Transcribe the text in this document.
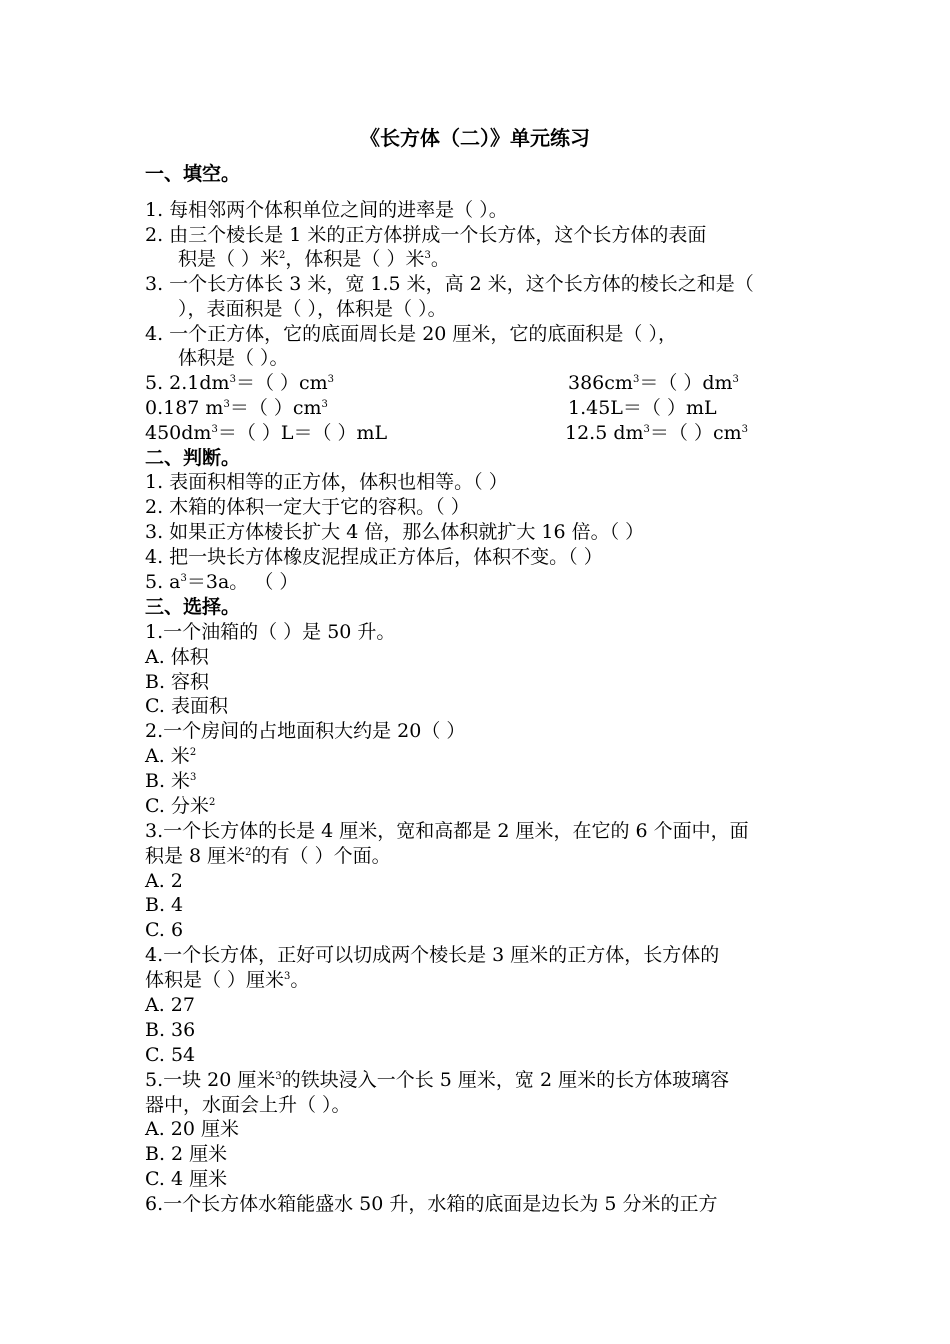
《长方体（二）》单元练习
一、填空。
1. 每相邻两个体积单位之间的进率是（ ）。
2. 由三个棱长是 1 米的正方体拼成一个长方体，这个长方体的表面
积是（ ）米$^2$，体积是（ ）米$^3$。
3. 一个长方体长 3 米，宽 1.5 米，高 2 米，这个长方体的棱长之和是（
），表面积是（ ），体积是（ ）。
4. 一个正方体，它的底面周长是 20 厘米，它的底面积是（ ），
体积是（ ）。
5. $2.1dm^3=$（ ）$cm^3$	$386cm^3=$（ ）$dm^3$
0.187 $m^3=$（ ）$cm^3$	1.45L＝（ ）mL
$450dm^3=$（ ）L＝（ ）mL	12.5 $dm^3=$（ ）$cm^3$
二、判断。
1. 表面积相等的正方体，体积也相等。（ ）
2. 木箱的体积一定大于它的容积。（ ）
3. 如果正方体棱长扩大 4 倍，那么体积就扩大 16 倍。（ ）
4. 把一块长方体橡皮泥捏成正方体后，体积不变。（ ）
5. $a^3=3a$。 （ ）
三、选择。
1.一个油箱的（ ）是 50 升。
A. 体积
B. 容积
C. 表面积
2.一个房间的占地面积大约是 20（ ）
A. 米$^2$
B. 米$^3$
C. 分米$^2$
3.一个长方体的长是 4 厘米，宽和高都是 2 厘米，在它的 6 个面中，面
积是 8 厘米$^2$的有（ ）个面。
A. 2
B. 4
C. 6
4.一个长方体，正好可以切成两个棱长是 3 厘米的正方体，长方体的
体积是（ ）厘米$^3$。
A. 27
B. 36
C. 54
5.一块 20 厘米$^3$的铁块浸入一个长 5 厘米，宽 2 厘米的长方体玻璃容
器中，水面会上升（ ）。
A. 20 厘米
B. 2 厘米
C. 4 厘米
6.一个长方体水箱能盛水 50 升，水箱的底面是边长为 5 分米的正方
